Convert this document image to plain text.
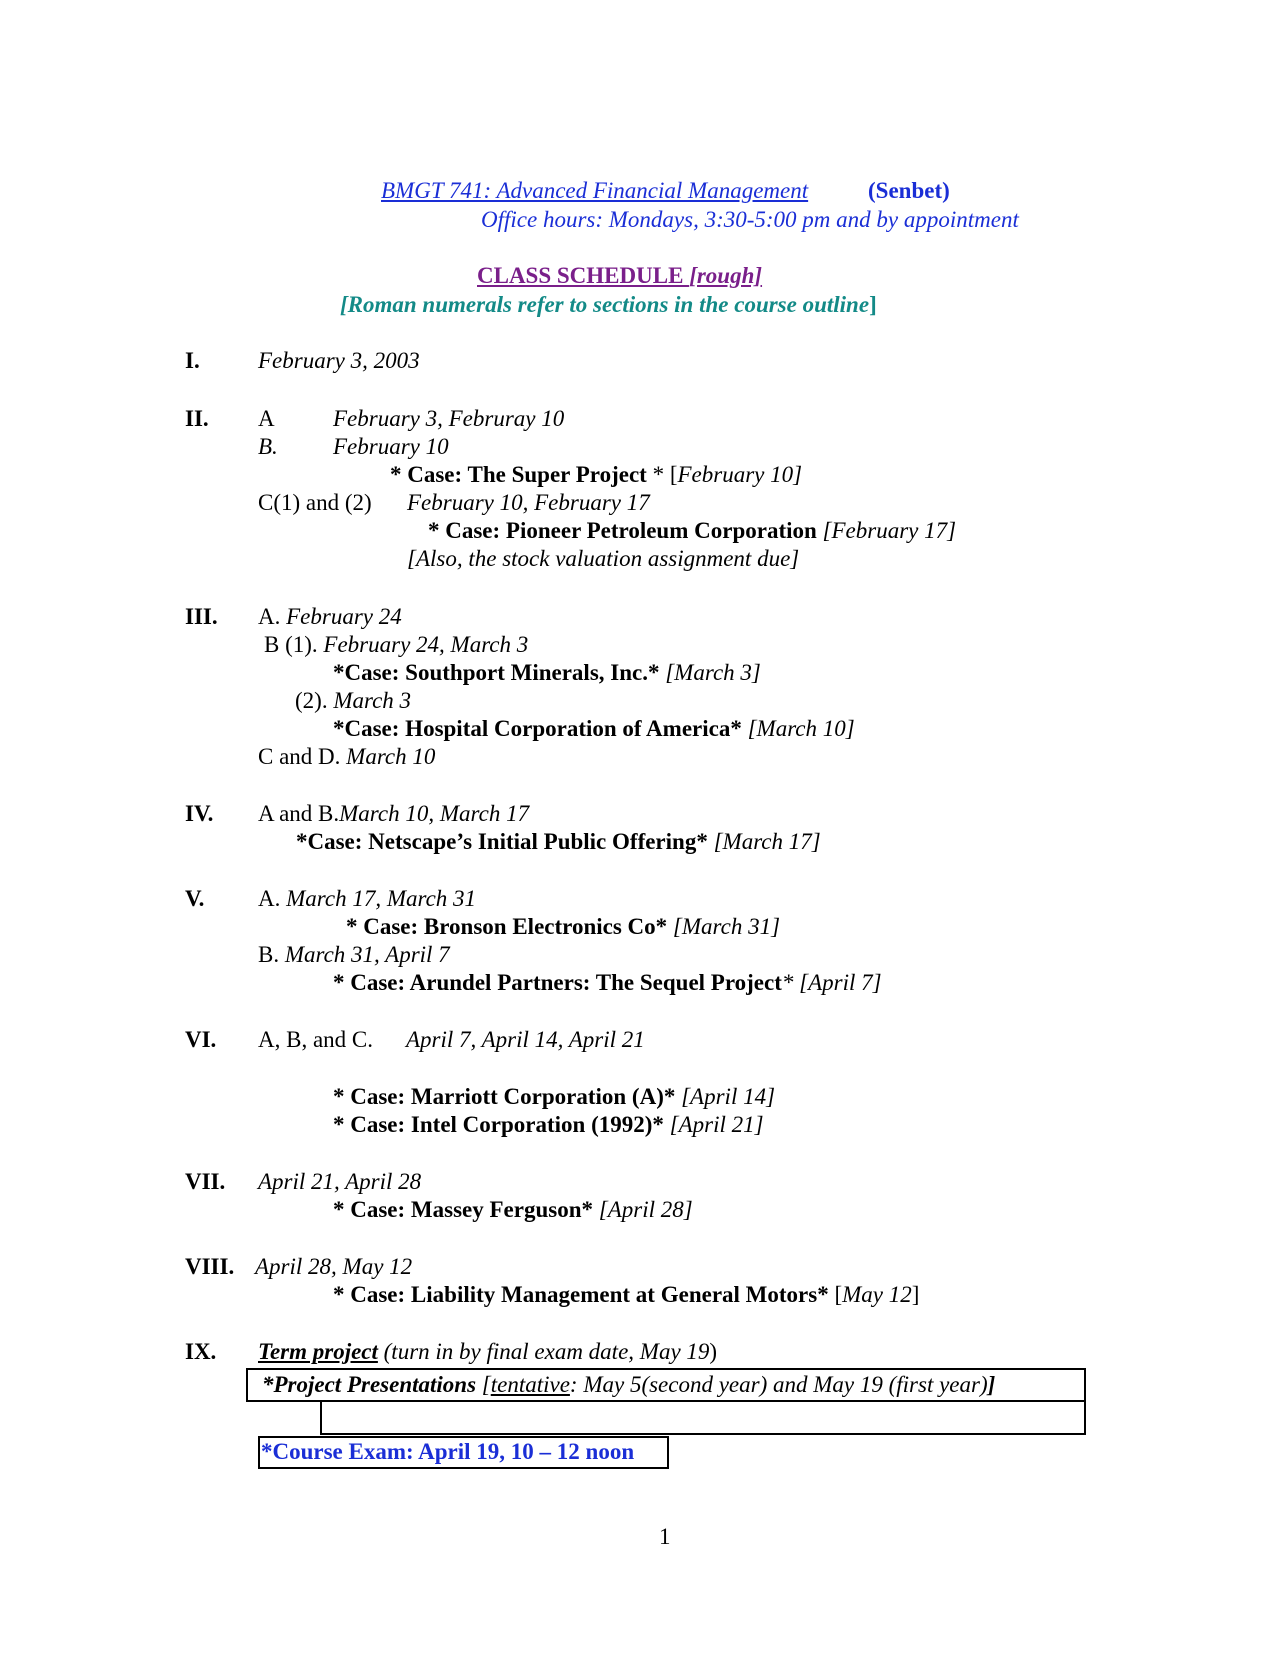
BMGT 741: Advanced Financial Management	(Senbet)
Office hours: Mondays, 3:30-5:00 pm and by appointment
CLASS SCHEDULE [rough]
[Roman numerals refer to sections in the course outline]
I.	February 3, 2003
II. A	February 3, Februray 10
B. February 10
* Case: The Super Project * [February 10]
C(1) and (2) February 10, February 17
* Case: Pioneer Petroleum Corporation [February 17]
[Also, the stock valuation assignment due]
III. A. February 24
B (1). February 24, March 3
*Case: Southport Minerals, Inc.* [March 3]
(2). March 3
*Case: Hospital Corporation of America* [March 10]
C and D. March 10
IV. A and B.March 10, March 17
*Case: Netscape’s Initial Public Offering* [March 17]
V. A. March 17, March 31
* Case: Bronson Electronics Co* [March 31]
B. March 31, April 7
* Case: Arundel Partners: The Sequel Project* [April 7]
VI. A, B, and C. April 7, April 14, April 21
* Case: Marriott Corporation (A)* [April 14]
* Case: Intel Corporation (1992)* [April 21]
VII. April 21, April 28
* Case: Massey Ferguson* [April 28]
VIII. April 28, May 12
* Case: Liability Management at General Motors* [May 12]
IX. Term project (turn in by final exam date, May 19)
*Project Presentations [tentative: May 5(second year) and May 19 (first year)]
*Course Exam: April 19, 10 – 12 noon
1
